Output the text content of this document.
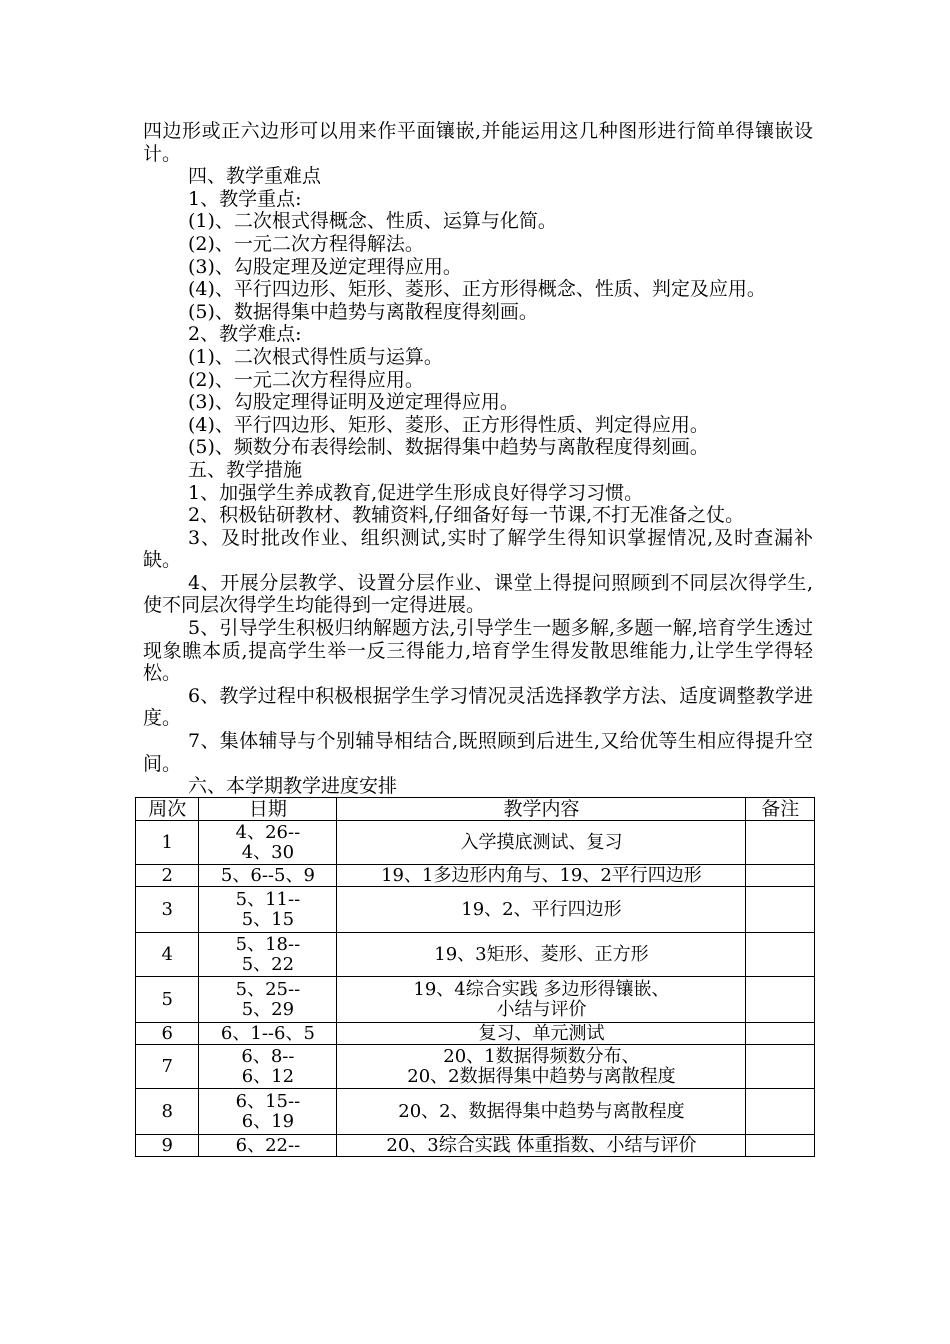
四边形或正六边形可以用来作平面镶嵌,并能运用这几种图形进行简单得镶嵌设计。

四、教学重难点

1、教学重点:

(1)、二次根式得概念、性质、运算与化简。

(2)、一元二次方程得解法。

(3)、勾股定理及逆定理得应用。

(4)、平行四边形、矩形、菱形、正方形得概念、性质、判定及应用。

(5)、数据得集中趋势与离散程度得刻画。

2、教学难点:

(1)、二次根式得性质与运算。

(2)、一元二次方程得应用。

(3)、勾股定理得证明及逆定理得应用。

(4)、平行四边形、矩形、菱形、正方形得性质、判定得应用。

(5)、频数分布表得绘制、数据得集中趋势与离散程度得刻画。

五、教学措施

1、加强学生养成教育,促进学生形成良好得学习习惯。

2、积极钻研教材、教辅资料,仔细备好每一节课,不打无准备之仗。

3、及时批改作业、组织测试,实时了解学生得知识掌握情况,及时查漏补缺。

4、开展分层教学、设置分层作业、课堂上得提问照顾到不同层次得学生,使不同层次得学生均能得到一定得进展。

5、引导学生积极归纳解题方法,引导学生一题多解,多题一解,培育学生透过现象瞧本质,提高学生举一反三得能力,培育学生得发散思维能力,让学生学得轻松。

6、教学过程中积极根据学生学习情况灵活选择教学方法、适度调整教学进度。

7、集体辅导与个别辅导相结合,既照顾到后进生,又给优等生相应得提升空间。

六、本学期教学进度安排
周次	日期	教学内容	备注
1	4、26--
4、30	入学摸底测试、复习	

2	5、6--5、9	19、1多边形内角与、19、2平行四边形	

3	5、11--
5、15	19、2、平行四边形	

4	5、18--
5、22	19、3矩形、菱形、正方形	

5	5、25--
5、29	19、4综合实践 多边形得镶嵌、
小结与评价	

6	6、1--6、5	复习、单元测试	

7	6、8--
6、12	20、1数据得频数分布、
20、2数据得集中趋势与离散程度	

8	6、15--
6、19	20、2、数据得集中趋势与离散程度	

9	6、22--	20、3综合实践 体重指数、小结与评价	
